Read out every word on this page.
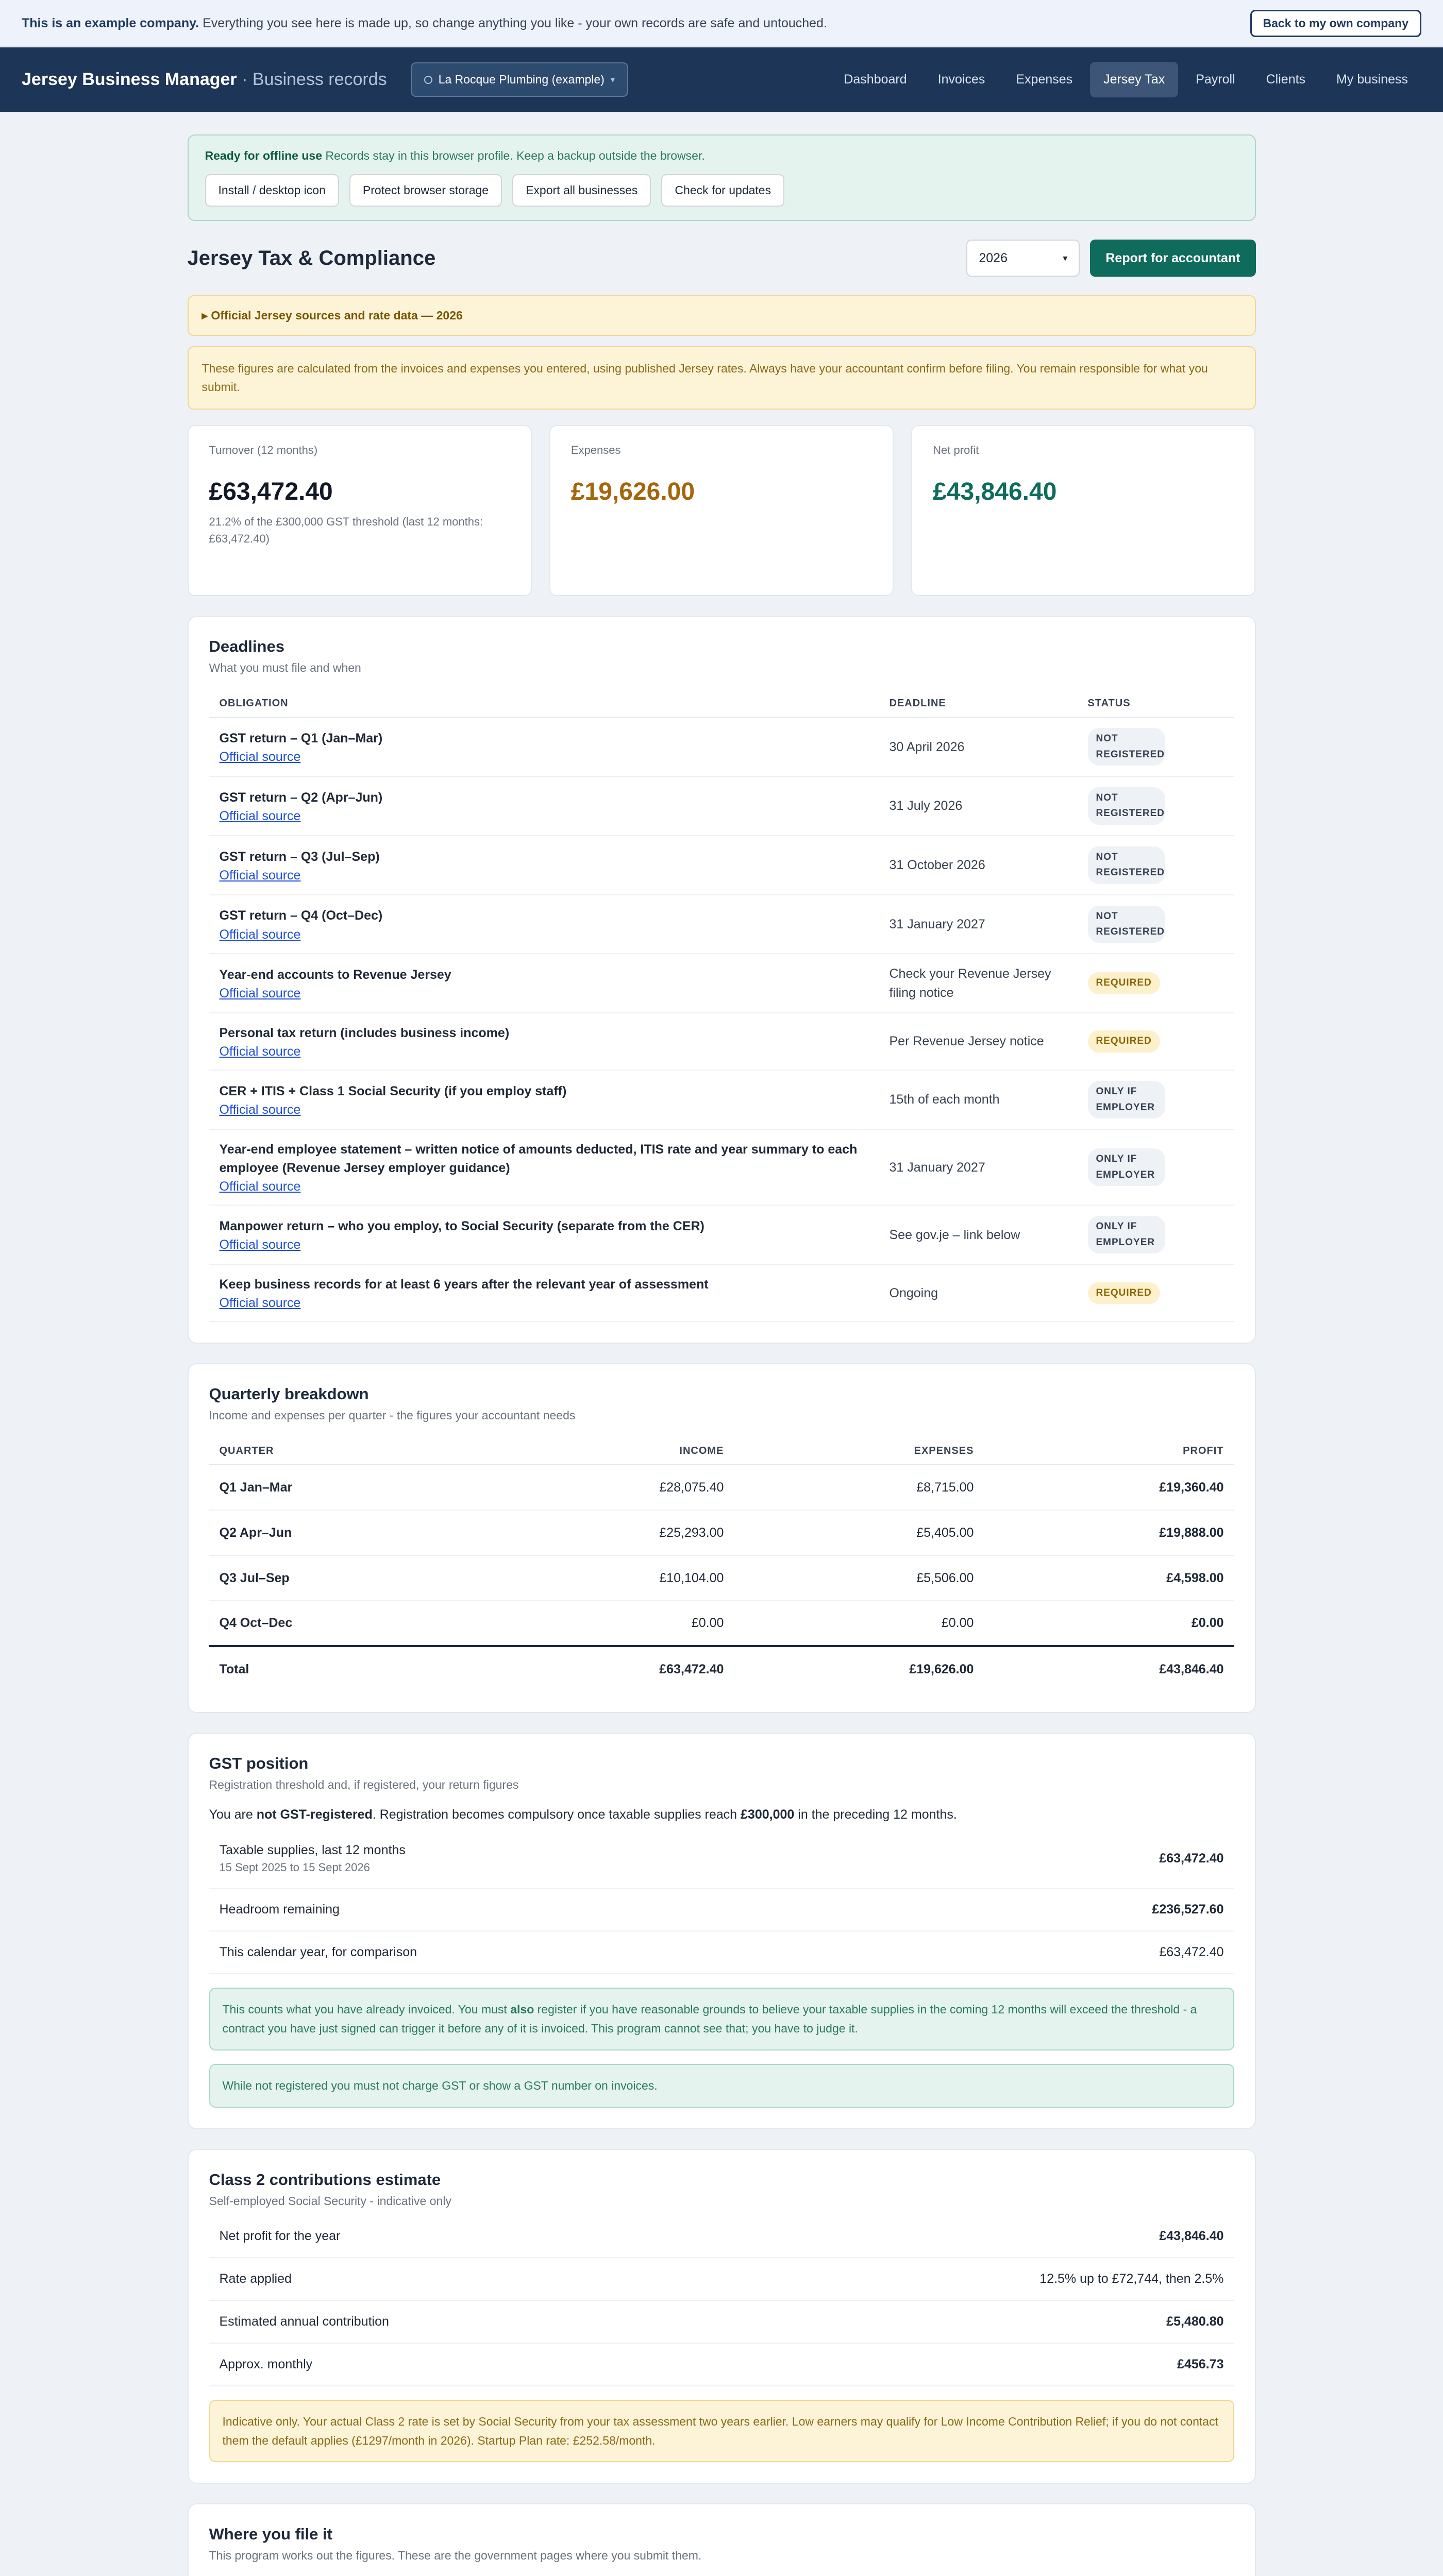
This is an example company. Everything you see here is made up, so change anything you like - your own records are safe and untouched.	Back to my own company
Jersey Business Manager · Business records	La Rocque Plumbing (example) ▾	Dashboard	Invoices	Expenses	Jersey Tax	Payroll	Clients	My business
Ready for offline use Records stay in this browser profile. Keep a backup outside the browser.
Install / desktop icon	Protect browser storage	Export all businesses	Check for updates
Jersey Tax & Compliance	2026	▾	Report for accountant
▸ Official Jersey sources and rate data — 2026
These figures are calculated from the invoices and expenses you entered, using published Jersey rates. Always have your accountant confirm before filing. You remain responsible for what you submit.
Turnover (12 months)
£63,472.40
21.2% of the £300,000 GST threshold (last 12 months: £63,472.40)
Expenses
£19,626.00
Net profit
£43,846.40
Deadlines
What you must file and when
OBLIGATION	DEADLINE	STATUS

GST return – Q1 (Jan–Mar)
Official source	30 April 2026	NOT REGISTERED

GST return – Q2 (Apr–Jun)
Official source	31 July 2026	NOT REGISTERED

GST return – Q3 (Jul–Sep)
Official source	31 October 2026	NOT REGISTERED

GST return – Q4 (Oct–Dec)
Official source	31 January 2027	NOT REGISTERED

Year-end accounts to Revenue Jersey
Official source	Check your Revenue Jersey filing notice	REQUIRED

Personal tax return (includes business income)
Official source	Per Revenue Jersey notice	REQUIRED

CER + ITIS + Class 1 Social Security (if you employ staff)
Official source	15th of each month	ONLY IF EMPLOYER

Year-end employee statement – written notice of amounts deducted, ITIS rate and year summary to each employee (Revenue Jersey employer guidance)
Official source	31 January 2027	ONLY IF EMPLOYER

Manpower return – who you employ, to Social Security (separate from the CER)
Official source	See gov.je – link below	ONLY IF EMPLOYER

Keep business records for at least 6 years after the relevant year of assessment
Official source	Ongoing	REQUIRED
Quarterly breakdown
Income and expenses per quarter - the figures your accountant needs
QUARTER	INCOME	EXPENSES	PROFIT
Q1 Jan–Mar	£28,075.40	£8,715.00	£19,360.40
Q2 Apr–Jun	£25,293.00	£5,405.00	£19,888.00
Q3 Jul–Sep	£10,104.00	£5,506.00	£4,598.00
Q4 Oct–Dec	£0.00	£0.00	£0.00
Total	£63,472.40	£19,626.00	£43,846.40
GST position
Registration threshold and, if registered, your return figures
You are not GST-registered. Registration becomes compulsory once taxable supplies reach £300,000 in the preceding 12 months.
Taxable supplies, last 12 months
15 Sept 2025 to 15 Sept 2026
£63,472.40
Headroom remaining	£236,527.60
This calendar year, for comparison	£63,472.40
This counts what you have already invoiced. You must also register if you have reasonable grounds to believe your taxable supplies in the coming 12 months will exceed the threshold - a contract you have just signed can trigger it before any of it is invoiced. This program cannot see that; you have to judge it.
While not registered you must not charge GST or show a GST number on invoices.
Class 2 contributions estimate
Self-employed Social Security - indicative only
Net profit for the year	£43,846.40
Rate applied	12.5% up to £72,744, then 2.5%
Estimated annual contribution	£5,480.80
Approx. monthly	£456.73
Indicative only. Your actual Class 2 rate is set by Social Security from your tax assessment two years earlier. Low earners may qualify for Low Income Contribution Relief; if you do not contact them the default applies (£1297/month in 2026). Startup Plan rate: £252.58/month.
Where you file it
This program works out the figures. These are the government pages where you submit them.
